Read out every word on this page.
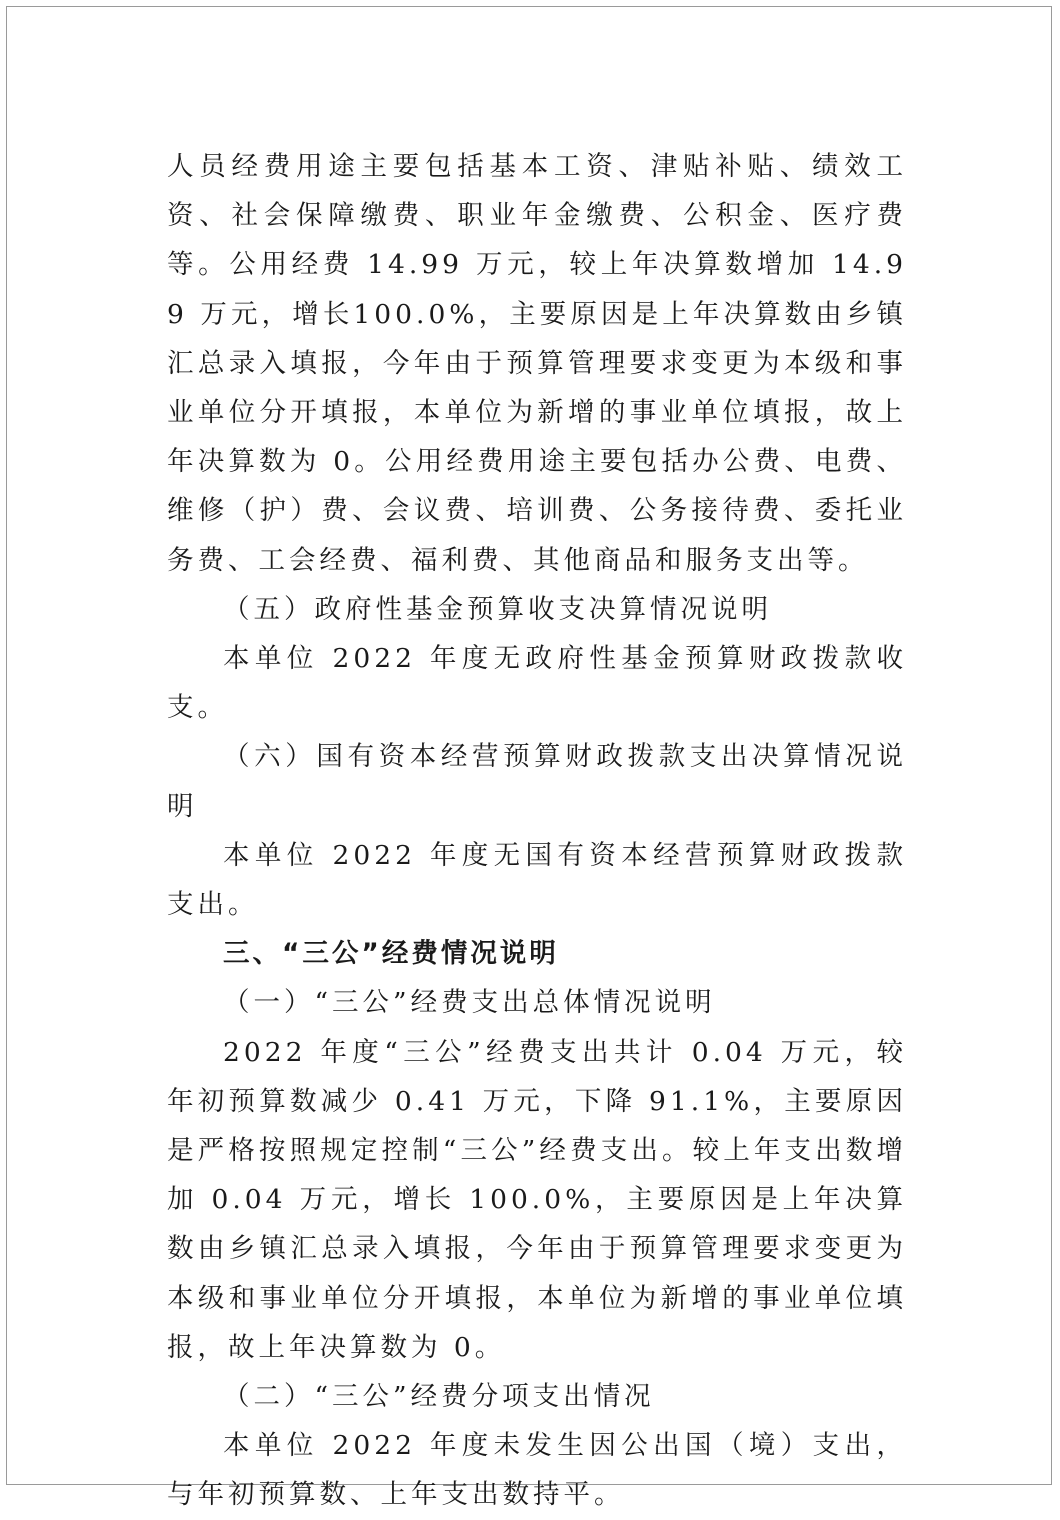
人员经费用途主要包括基本工资、津贴补贴、绩效工资、社会保障缴费、职业年金缴费、公积金、医疗费等。公用经费 14.99 万元，较上年决算数增加 14.99 万元，增长100.0%，主要原因是上年决算数由乡镇汇总录入填报，今年由于预算管理要求变更为本级和事业单位分开填报，本单位为新增的事业单位填报，故上年决算数为 0。公用经费用途主要包括办公费、电费、维修（护）费、会议费、培训费、公务接待费、委托业务费、工会经费、福利费、其他商品和服务支出等。

（五）政府性基金预算收支决算情况说明

本单位 2022 年度无政府性基金预算财政拨款收支。

（六）国有资本经营预算财政拨款支出决算情况说明

本单位 2022 年度无国有资本经营预算财政拨款支出。

三、“三公”经费情况说明

（一）“三公”经费支出总体情况说明

2022 年度“三公”经费支出共计 0.04 万元，较年初预算数减少 0.41 万元，下降 91.1%，主要原因是严格按照规定控制“三公”经费支出。较上年支出数增加 0.04 万元，增长 100.0%，主要原因是上年决算数由乡镇汇总录入填报，今年由于预算管理要求变更为本级和事业单位分开填报，本单位为新增的事业单位填报，故上年决算数为 0。

（二）“三公”经费分项支出情况

本单位 2022 年度未发生因公出国（境）支出，与年初预算数、上年支出数持平。
